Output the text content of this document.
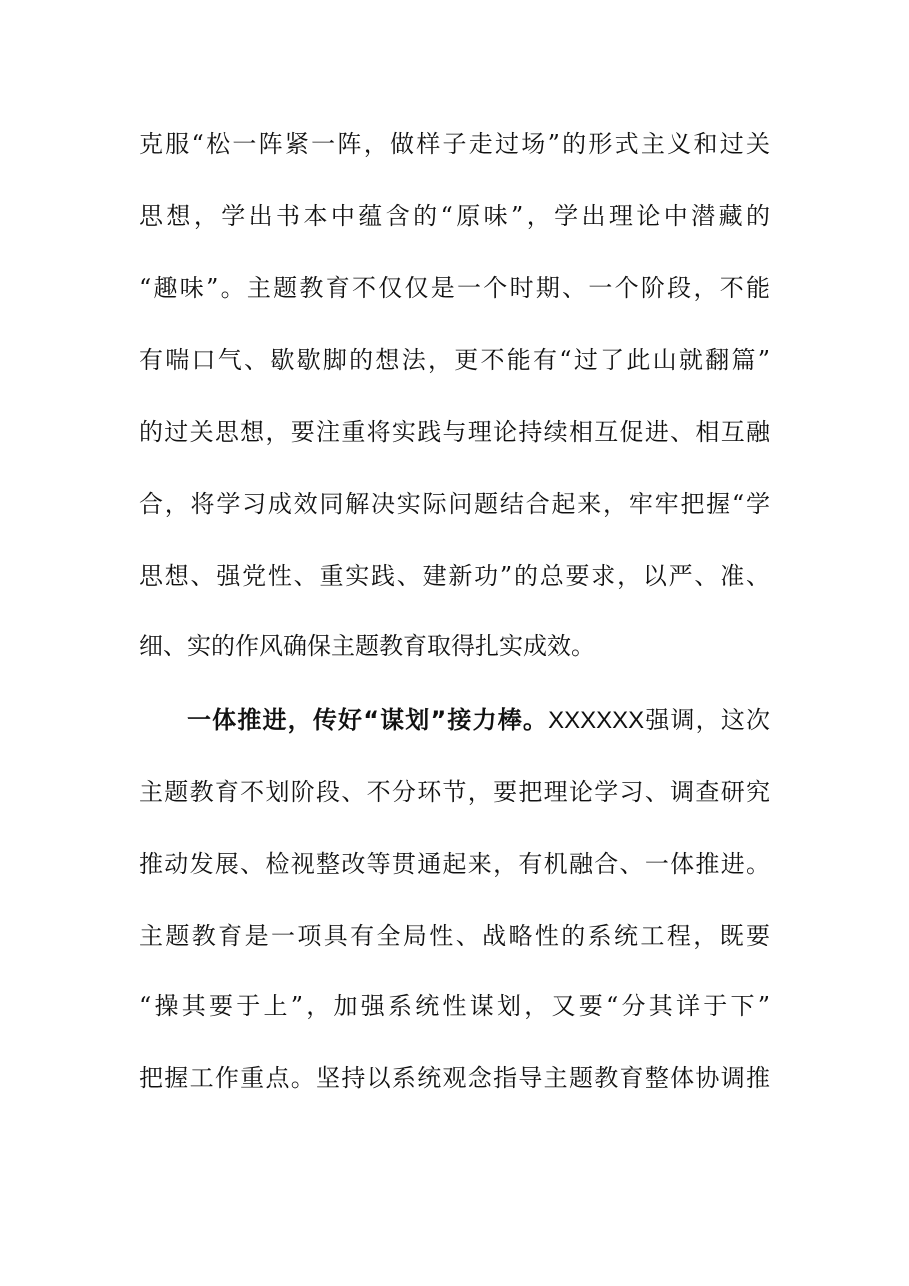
克服“松一阵紧一阵，做样子走过场”的形式主义和过关
思想，学出书本中蕴含的“原味”，学出理论中潜藏的
“趣味”。主题教育不仅仅是一个时期、一个阶段，不能
有喘口气、歇歇脚的想法，更不能有“过了此山就翻篇”
的过关思想，要注重将实践与理论持续相互促进、相互融
合，将学习成效同解决实际问题结合起来，牢牢把握“学
思想、强党性、重实践、建新功”的总要求，以严、准、
细、实的作风确保主题教育取得扎实成效。
一体推进，传好“谋划”接力棒。XXXXXX强调，这次
主题教育不划阶段、不分环节，要把理论学习、调查研究
推动发展、检视整改等贯通起来，有机融合、一体推进。
主题教育是一项具有全局性、战略性的系统工程，既要
“操其要于上”，加强系统性谋划，又要“分其详于下”
把握工作重点。坚持以系统观念指导主题教育整体协调推
